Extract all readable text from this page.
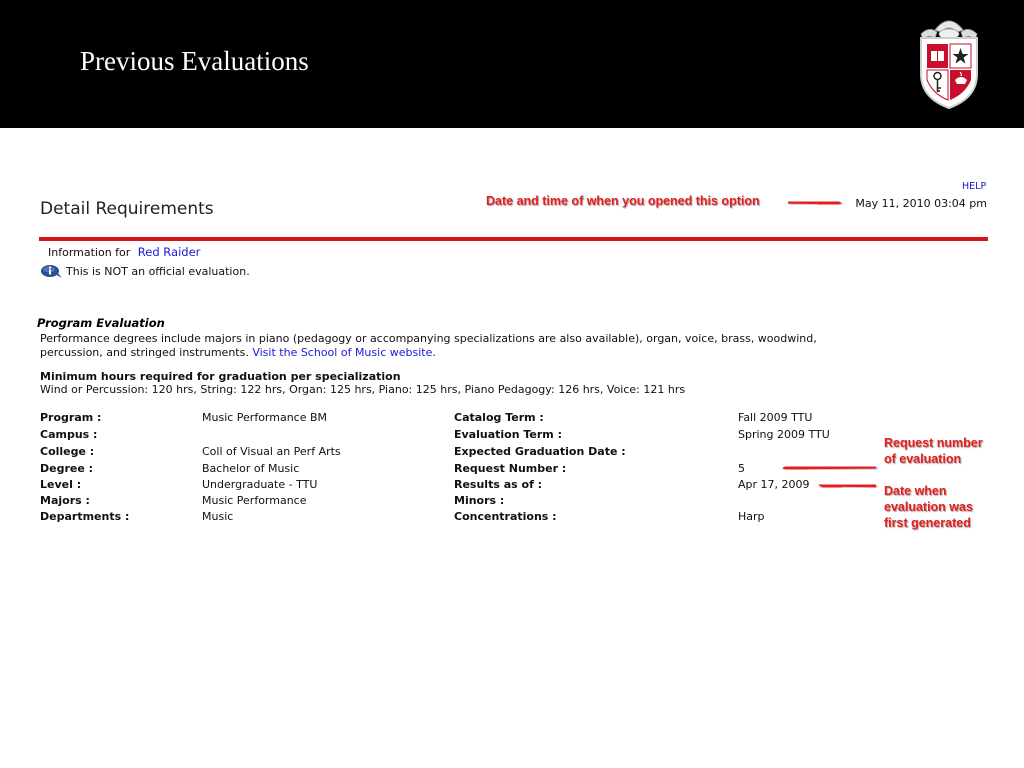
Previous Evaluations
HELP
Detail Requirements	May 11, 2010 03:04 pm
Date and time of when you opened this option
Request number
of evaluation
Date when
evaluation was
first generated
Information for Red Raider
This is NOT an official evaluation.
Program Evaluation
Performance degrees include majors in piano (pedagogy or accompanying specializations are also available), organ, voice, brass, woodwind, percussion, and stringed instruments. Visit the School of Music website.
Minimum hours required for graduation per specialization
Wind or Percussion: 120 hrs, String: 122 hrs, Organ: 125 hrs, Piano: 125 hrs, Piano Pedagogy: 126 hrs, Voice: 121 hrs
Program :	Music Performance BM	Catalog Term :	Fall 2009 TTU
Campus :		Evaluation Term :	Spring 2009 TTU
College :	Coll of Visual an Perf Arts	Expected Graduation Date :	
Degree :	Bachelor of Music	Request Number :	5
Level :	Undergraduate - TTU	Results as of :	Apr 17, 2009
Majors :	Music Performance	Minors :	
Departments :	Music	Concentrations :	Harp
